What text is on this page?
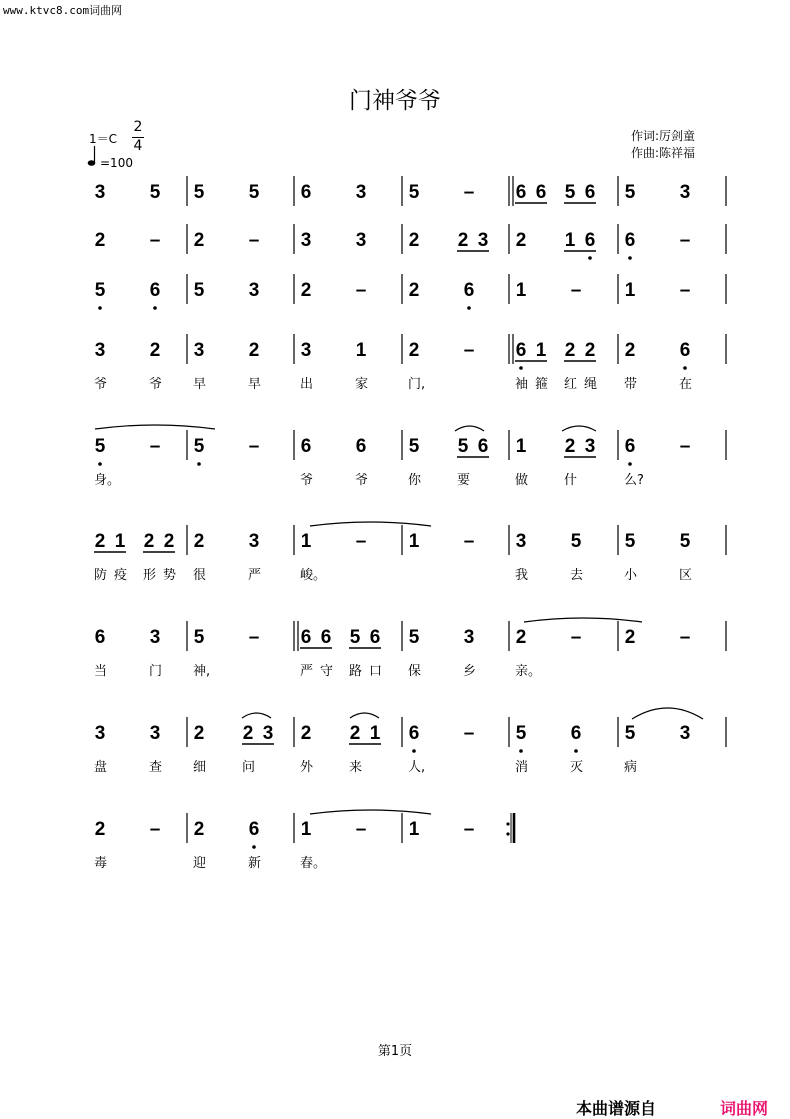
www.ktvc8.com词曲网
门神爷爷
1＝C
2
4
=100
作词:厉剑童
作曲:陈祥福
3 5 5 5 6 3 5 – 6 6 5 6 5 3
2 – 2 – 3 3 2 2 3 2 1 6 6 –
5 6 5 3 2 – 2 6 1 – 1 –
3 2 3 2 3 1 2 – 6 1 2 2 2 6
爷	爷 早	早	出	家	门,	袖 箍 红 绳 带	在
5 – 5 – 6 6 5 5 6 1 2 3 6 –
身。	爷	爷	你	要	做	什	么?
2 1 2 2 2 3 1 – 1 – 3 5 5 5
防 疫 形 势 很	严	峻。	我	去	小	区
6 3 5 – 6 6 5 6 5 3 2 – 2 –
当	门 神,	严 守 路 口 保	乡	亲。
3 3 2 2 3 2 2 1 6 – 5 6 5 3
盘	查 细	问	外	来	人,	消	灭	病
2 – 2 6 1 – 1 –
毒	迎	新	春。
第1页
本曲谱源自	词曲网
